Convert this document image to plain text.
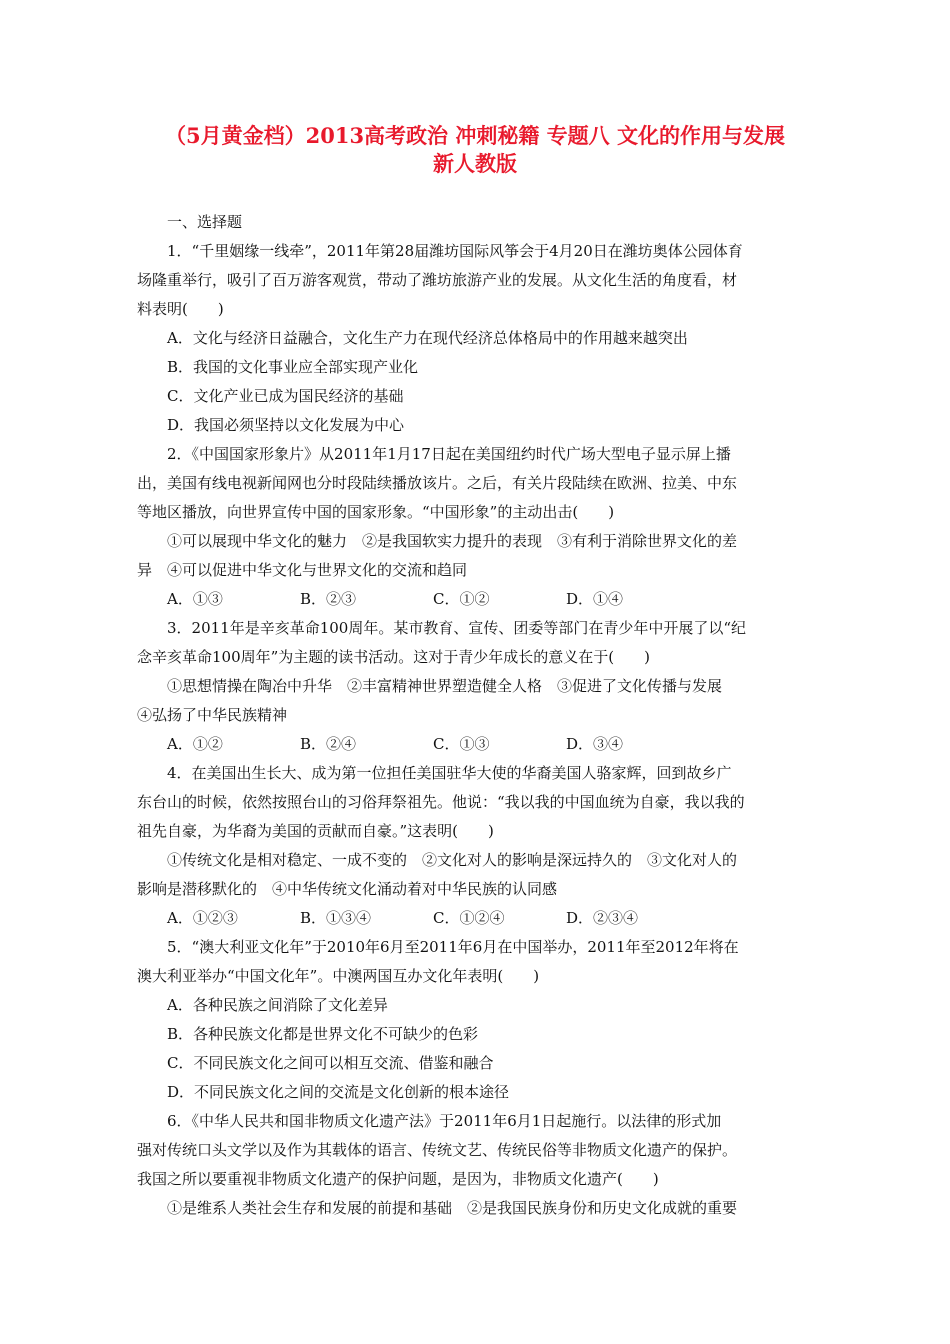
（5月黄金档）2013高考政治 冲刺秘籍 专题八 文化的作用与发展
新人教版
一、选择题
1．“千里姻缘一线牵”，2011年第28届潍坊国际风筝会于4月20日在潍坊奥体公园体育
场隆重举行，吸引了百万游客观赏，带动了潍坊旅游产业的发展。从文化生活的角度看，材
料表明(　　)
A．文化与经济日益融合，文化生产力在现代经济总体格局中的作用越来越突出
B．我国的文化事业应全部实现产业化
C．文化产业已成为国民经济的基础
D．我国必须坚持以文化发展为中心
2．《中国国家形象片》从2011年1月17日起在美国纽约时代广场大型电子显示屏上播
出，美国有线电视新闻网也分时段陆续播放该片。之后，有关片段陆续在欧洲、拉美、中东
等地区播放，向世界宣传中国的国家形象。“中国形象”的主动出击(　　)
①可以展现中华文化的魅力　②是我国软实力提升的表现　③有利于消除世界文化的差
异　④可以促进中华文化与世界文化的交流和趋同
A．①③	B．②③	C．①②	D．①④
3．2011年是辛亥革命100周年。某市教育、宣传、团委等部门在青少年中开展了以“纪
念辛亥革命100周年”为主题的读书活动。这对于青少年成长的意义在于(　　)
①思想情操在陶冶中升华　②丰富精神世界塑造健全人格　③促进了文化传播与发展
④弘扬了中华民族精神
A．①②	B．②④	C．①③	D．③④
4．在美国出生长大、成为第一位担任美国驻华大使的华裔美国人骆家辉，回到故乡广
东台山的时候，依然按照台山的习俗拜祭祖先。他说：“我以我的中国血统为自豪，我以我的
祖先自豪，为华裔为美国的贡献而自豪。”这表明(　　)
①传统文化是相对稳定、一成不变的　②文化对人的影响是深远持久的　③文化对人的
影响是潜移默化的　④中华传统文化涌动着对中华民族的认同感
A．①②③	B．①③④	C．①②④	D．②③④
5．“澳大利亚文化年”于2010年6月至2011年6月在中国举办，2011年至2012年将在
澳大利亚举办“中国文化年”。中澳两国互办文化年表明(　　)
A．各种民族之间消除了文化差异
B．各种民族文化都是世界文化不可缺少的色彩
C．不同民族文化之间可以相互交流、借鉴和融合
D．不同民族文化之间的交流是文化创新的根本途径
6．《中华人民共和国非物质文化遗产法》于2011年6月1日起施行。以法律的形式加
强对传统口头文学以及作为其载体的语言、传统文艺、传统民俗等非物质文化遗产的保护。
我国之所以要重视非物质文化遗产的保护问题，是因为，非物质文化遗产(　　)
①是维系人类社会生存和发展的前提和基础　②是我国民族身份和历史文化成就的重要
